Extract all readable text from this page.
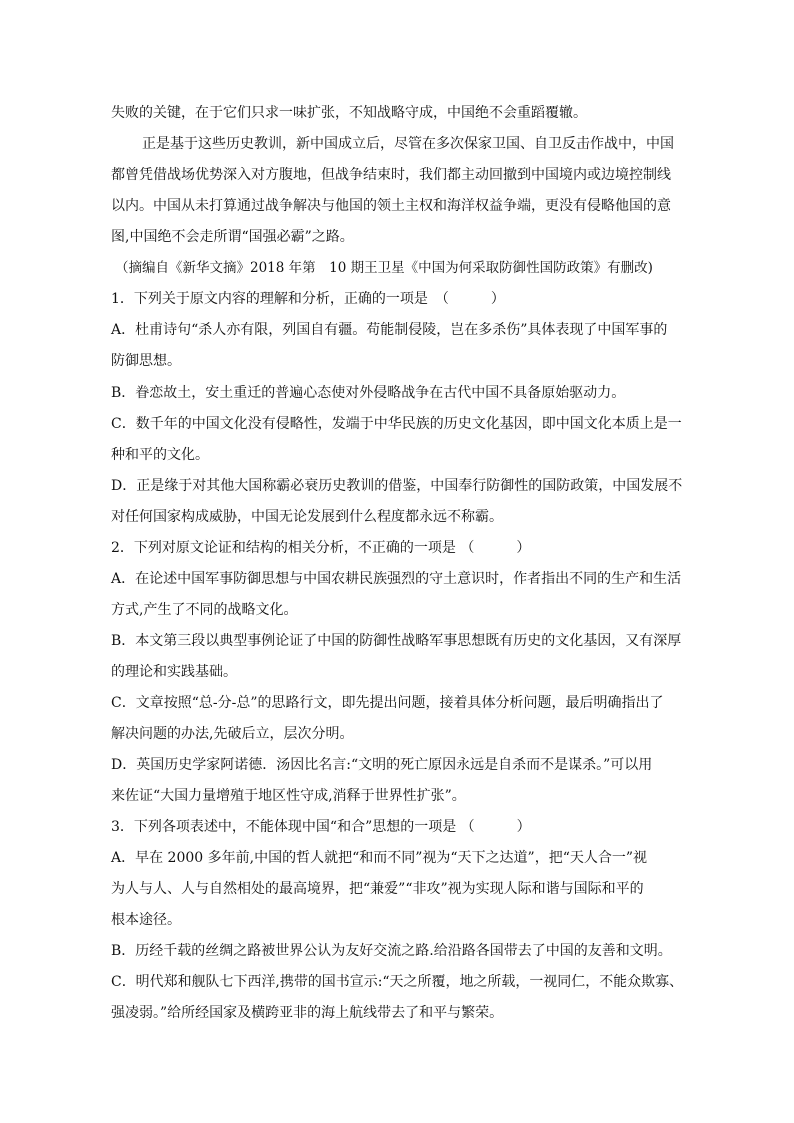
失败的关键，在于它们只求一味扩张，不知战略守成，中国绝不会重蹈覆辙。
正是基于这些历史教训，新中国成立后，尽管在多次保家卫国、自卫反击作战中，中国
都曾凭借战场优势深入对方腹地，但战争结束时，我们都主动回撤到中国境内或边境控制线
以内。中国从未打算通过战争解决与他国的领土主权和海洋权益争端，更没有侵略他国的意
图,中国绝不会走所谓“国强必霸”之路。
（摘编自《新华文摘》2018 年第　10 期王卫星《中国为何采取防御性国防政策》有删改)
1．下列关于原文内容的理解和分析，正确的一项是　（　　　）
A．杜甫诗句“杀人亦有限，列国自有疆。苟能制侵陵，岂在多杀伤”具体表现了中国军事的
防御思想。
B．眷恋故土，安土重迁的普遍心态使对外侵略战争在古代中国不具备原始驱动力。
C．数千年的中国文化没有侵略性，发端于中华民族的历史文化基因，即中国文化本质上是一
种和平的文化。
D．正是缘于对其他大国称霸必衰历史教训的借鉴，中国奉行防御性的国防政策，中国发展不
对任何国家构成威胁，中国无论发展到什么程度都永远不称霸。
2．下列对原文论证和结构的相关分析，不正确的一项是 （　　　）
A．在论述中国军事防御思想与中国农耕民族强烈的守土意识时，作者指出不同的生产和生活
方式,产生了不同的战略文化。
B．本文第三段以典型事例论证了中国的防御性战略军事思想既有历史的文化基因，又有深厚
的理论和实践基础。
C．文章按照“总-分-总”的思路行文，即先提出问题，接着具体分析问题，最后明确指出了
解决问题的办法,先破后立，层次分明。
D．英国历史学家阿诺德．汤因比名言:“文明的死亡原因永远是自杀而不是谋杀。”可以用
来佐证“大国力量增殖于地区性守成,消释于世界性扩张”。
3．下列各项表述中，不能体现中国“和合”思想的一项是 （　　　）
A．早在 2000 多年前,中国的哲人就把“和而不同”视为“天下之达道”，把“天人合一”视
为人与人、人与自然相处的最高境界，把“兼爱”“非攻”视为实现人际和谐与国际和平的
根本途径。
B．历经千载的丝绸之路被世界公认为友好交流之路.给沿路各国带去了中国的友善和文明。
C．明代郑和舰队七下西洋,携带的国书宣示:“天之所覆，地之所载，一视同仁，不能众欺寡、
强凌弱。”给所经国家及横跨亚非的海上航线带去了和平与繁荣。
